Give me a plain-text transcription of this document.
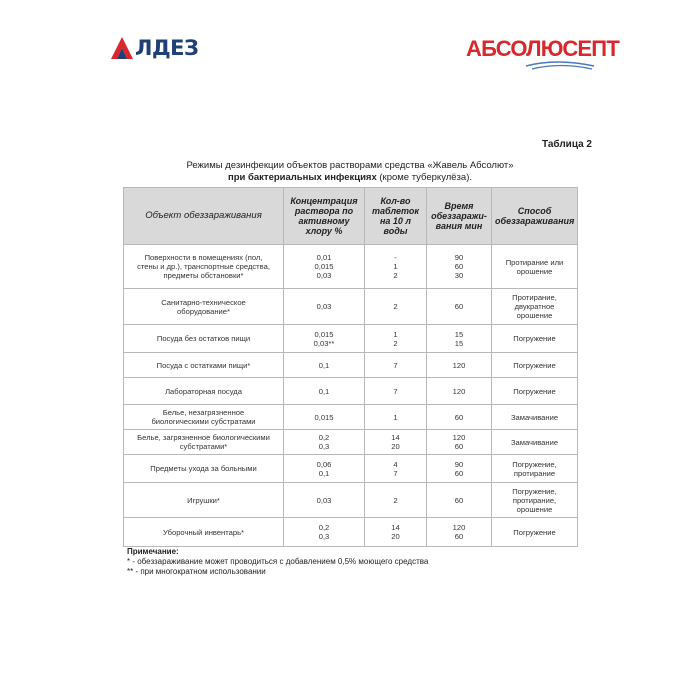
ЛДЕЗ	АБСОЛЮСЕПТ
Таблица 2
Режимы дезинфекции объектов растворами средства «Жавель Абсолют»
при бактериальных инфекциях (кроме туберкулёза).
Объект обеззараживания	Концентрация раствора по активному хлору %	Кол-во таблеток на 10 л воды	Время обеззаражи-вания мин	Способ обеззараживания

Поверхности в помещениях (пол,
стены и др.), транспортные средства,
предметы обстановки*	0,01
0,015
0,03	-
1
2	90
60
30	Протирание или
орошение

Санитарно-техническое
оборудование*	0,03	2	60	Протирание,
двукратное
орошение

Посуда без остатков пищи	0,015
0,03**	1
2	15
15	Погружение

Посуда с остатками пищи*	0,1	7	120	Погружение

Лабораторная посуда	0,1	7	120	Погружение

Белье, незагрязненное
биологическими субстратами	0,015	1	60	Замачивание

Белье, загрязненное биологическими
субстратами*	0,2
0,3	14
20	120
60	Замачивание

Предметы ухода за больными	0,06
0,1	4
7	90
60	Погружение,
протирание

Игрушки*	0,03	2	60	Погружение,
протирание,
орошение

Уборочный инвентарь*	0,2
0,3	14
20	120
60	Погружение
Примечание:
* - обеззараживание может проводиться с добавлением 0,5% моющего средства
** - при многократном использовании
